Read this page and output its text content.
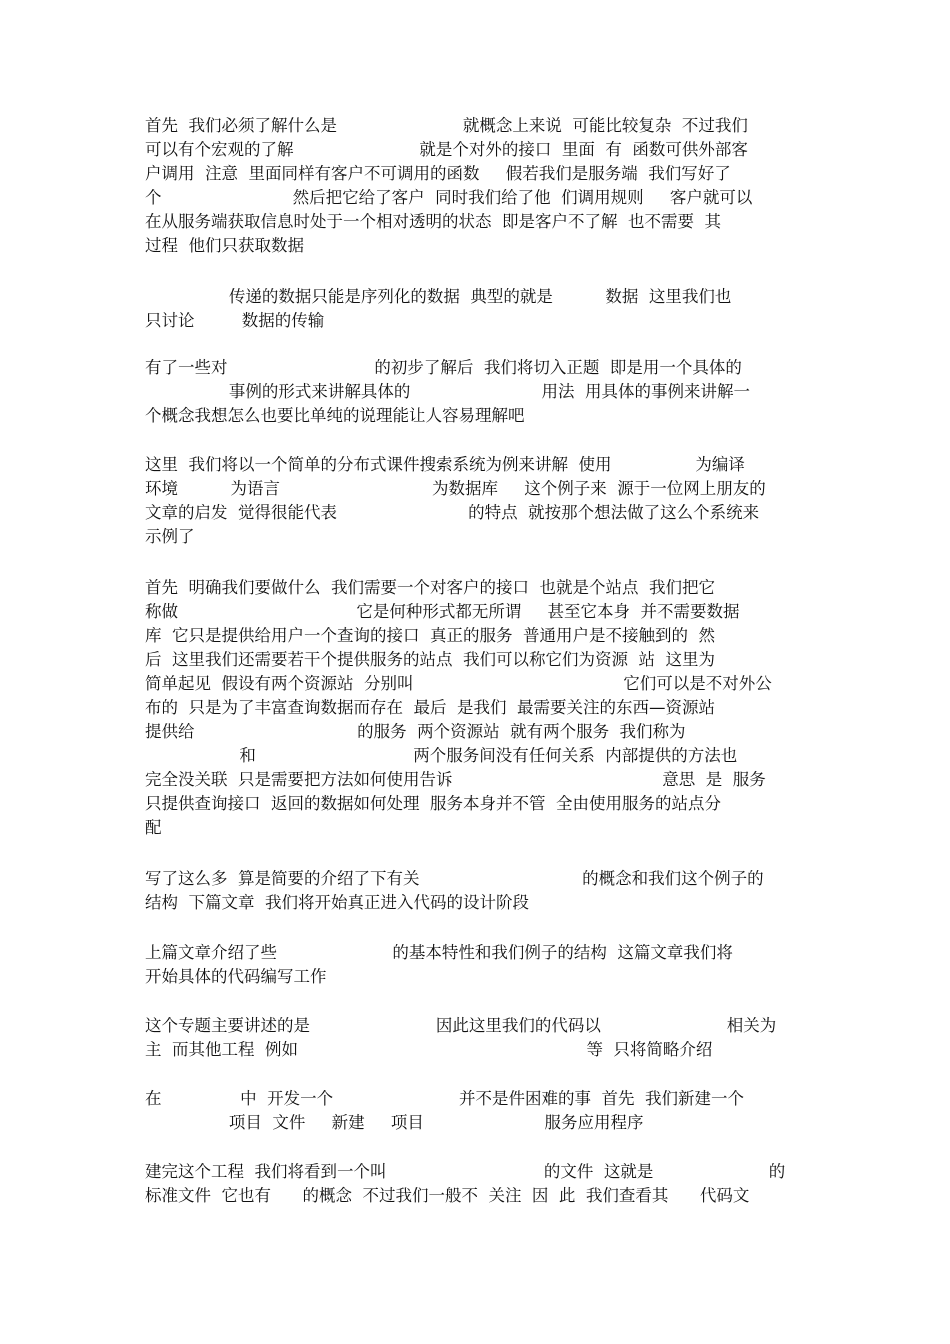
首先  我们必须了解什么是                        就概念上来说  可能比较复杂  不过我们
可以有个宏观的了解                        就是个对外的接口  里面  有  函数可供外部客
户调用  注意  里面同样有客户不可调用的函数     假若我们是服务端  我们写好了
个                         然后把它给了客户  同时我们给了他  们调用规则     客户就可以
在从服务端获取信息时处于一个相对透明的状态  即是客户不了解  也不需要  其
过程  他们只获取数据
传递的数据只能是序列化的数据  典型的就是          数据  这里我们也
只讨论         数据的传输
有了一些对                            的初步了解后  我们将切入正题  即是用一个具体的
事例的形式来讲解具体的                         用法  用具体的事例来讲解一
个概念我想怎么也要比单纯的说理能让人容易理解吧
这里  我们将以一个简单的分布式课件搜索系统为例来讲解  使用                为编译
环境          为语言                             为数据库     这个例子来  源于一位网上朋友的
文章的启发  觉得很能代表                         的特点  就按那个想法做了这么个系统来
示例了
首先  明确我们要做什么  我们需要一个对客户的接口  也就是个站点  我们把它
称做                                  它是何种形式都无所谓     甚至它本身  并不需要数据
库  它只是提供给用户一个查询的接口  真正的服务  普通用户是不接触到的  然
后  这里我们还需要若干个提供服务的站点  我们可以称它们为资源  站  这里为
简单起见  假设有两个资源站  分别叫                                        它们可以是不对外公
布的  只是为了丰富查询数据而存在  最后  是我们  最需要关注的东西—资源站
提供给                               的服务  两个资源站  就有两个服务  我们称为
和                              两个服务间没有任何关系  内部提供的方法也
完全没关联  只是需要把方法如何使用告诉                                        意思  是  服务
只提供查询接口  返回的数据如何处理  服务本身并不管  全由使用服务的站点分
配
写了这么多  算是简要的介绍了下有关                               的概念和我们这个例子的
结构  下篇文章  我们将开始真正进入代码的设计阶段
上篇文章介绍了些                      的基本特性和我们例子的结构  这篇文章我们将
开始具体的代码编写工作
这个专题主要讲述的是                        因此这里我们的代码以                        相关为
主  而其他工程  例如                                                       等  只将简略介绍
在               中  开发一个                        并不是件困难的事  首先  我们新建一个
项目  文件     新建     项目                       服务应用程序
建完这个工程  我们将看到一个叫                              的文件  这就是                      的
标准文件  它也有      的概念  不过我们一般不  关注  因  此  我们查看其      代码文
